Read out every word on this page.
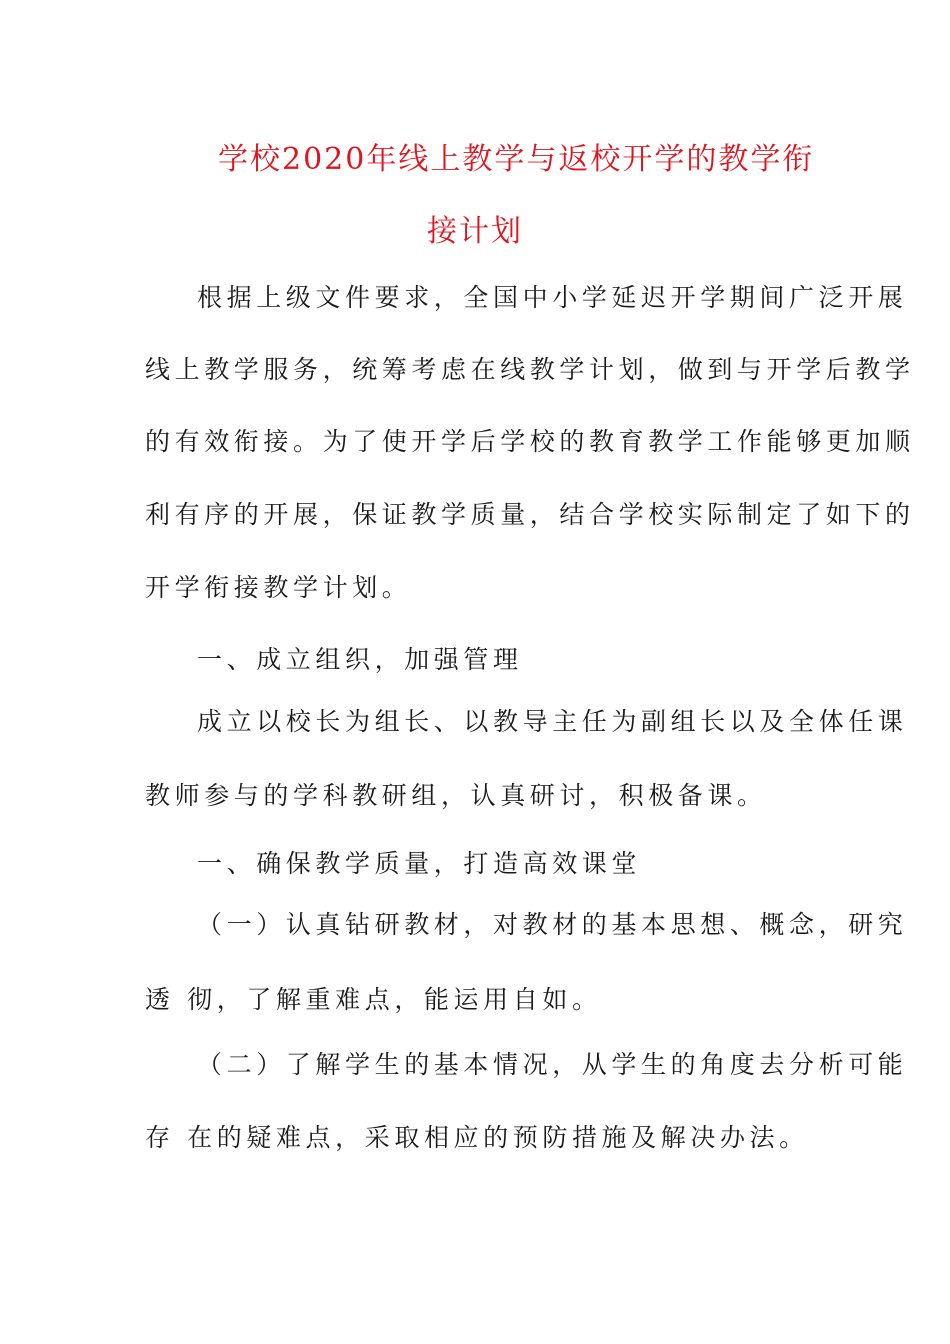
学校2020年线上教学与返校开学的教学衔
接计划
根据上级文件要求，全国中小学延迟开学期间广泛开展
线上教学服务，统筹考虑在线教学计划，做到与开学后教学
的有效衔接。为了使开学后学校的教育教学工作能够更加顺
利有序的开展，保证教学质量，结合学校实际制定了如下的
开学衔接教学计划。
一、成立组织，加强管理
成立以校长为组长、以教导主任为副组长以及全体任课
教师参与的学科教研组，认真研讨，积极备课。
一、确保教学质量，打造高效课堂
（一）认真钻研教材，对教材的基本思想、概念，研究
透 彻，了解重难点，能运用自如。
（二）了解学生的基本情况，从学生的角度去分析可能
存 在的疑难点，采取相应的预防措施及解决办法。
